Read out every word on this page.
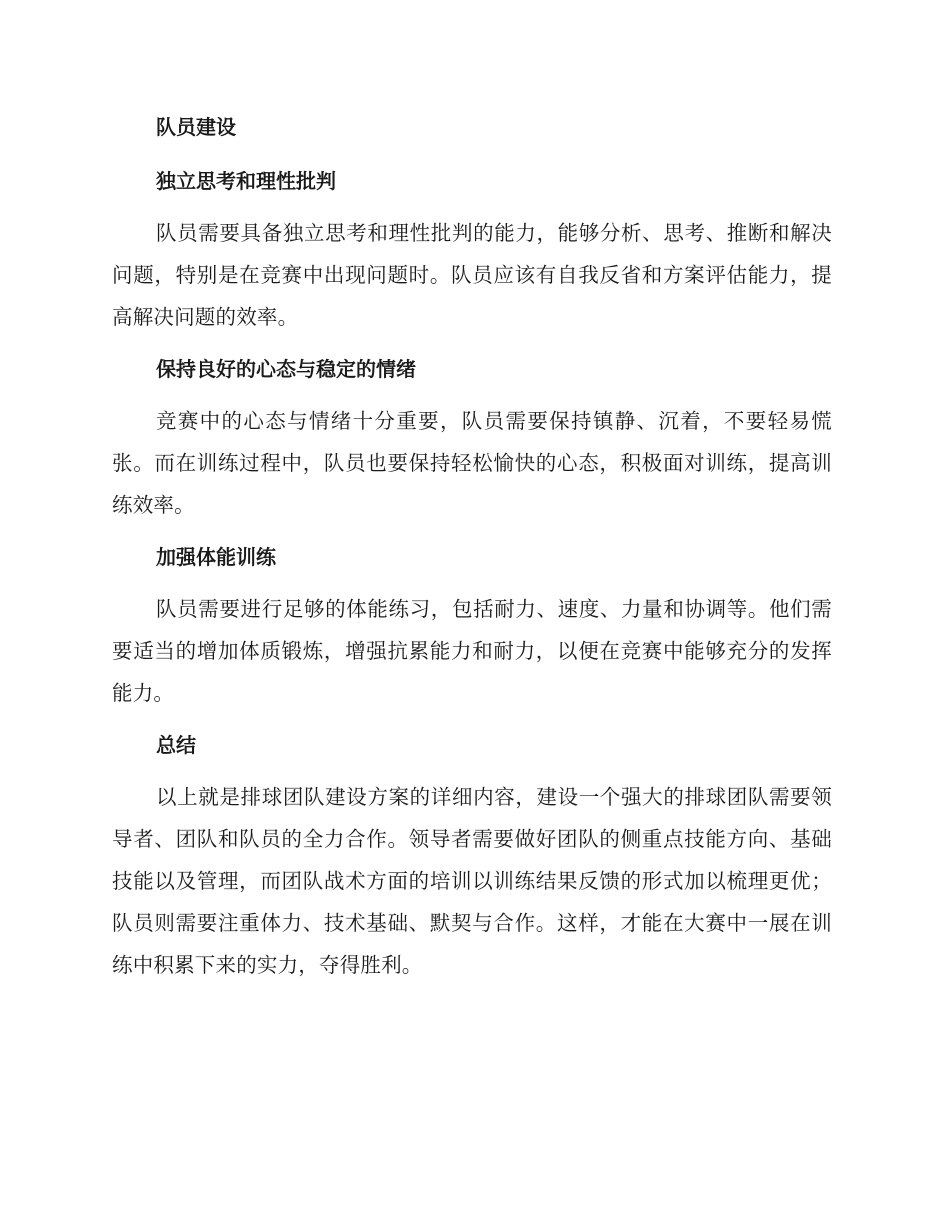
队员建设

独立思考和理性批判

队员需要具备独立思考和理性批判的能力，能够分析、思考、推断和解决问题，特别是在竞赛中出现问题时。队员应该有自我反省和方案评估能力，提高解决问题的效率。

保持良好的心态与稳定的情绪

竞赛中的心态与情绪十分重要，队员需要保持镇静、沉着，不要轻易慌张。而在训练过程中，队员也要保持轻松愉快的心态，积极面对训练，提高训练效率。

加强体能训练

队员需要进行足够的体能练习，包括耐力、速度、力量和协调等。他们需要适当的增加体质锻炼，增强抗累能力和耐力，以便在竞赛中能够充分的发挥能力。

总结

以上就是排球团队建设方案的详细内容，建设一个强大的排球团队需要领导者、团队和队员的全力合作。领导者需要做好团队的侧重点技能方向、基础技能以及管理，而团队战术方面的培训以训练结果反馈的形式加以梳理更优；队员则需要注重体力、技术基础、默契与合作。这样，才能在大赛中一展在训练中积累下来的实力，夺得胜利。
